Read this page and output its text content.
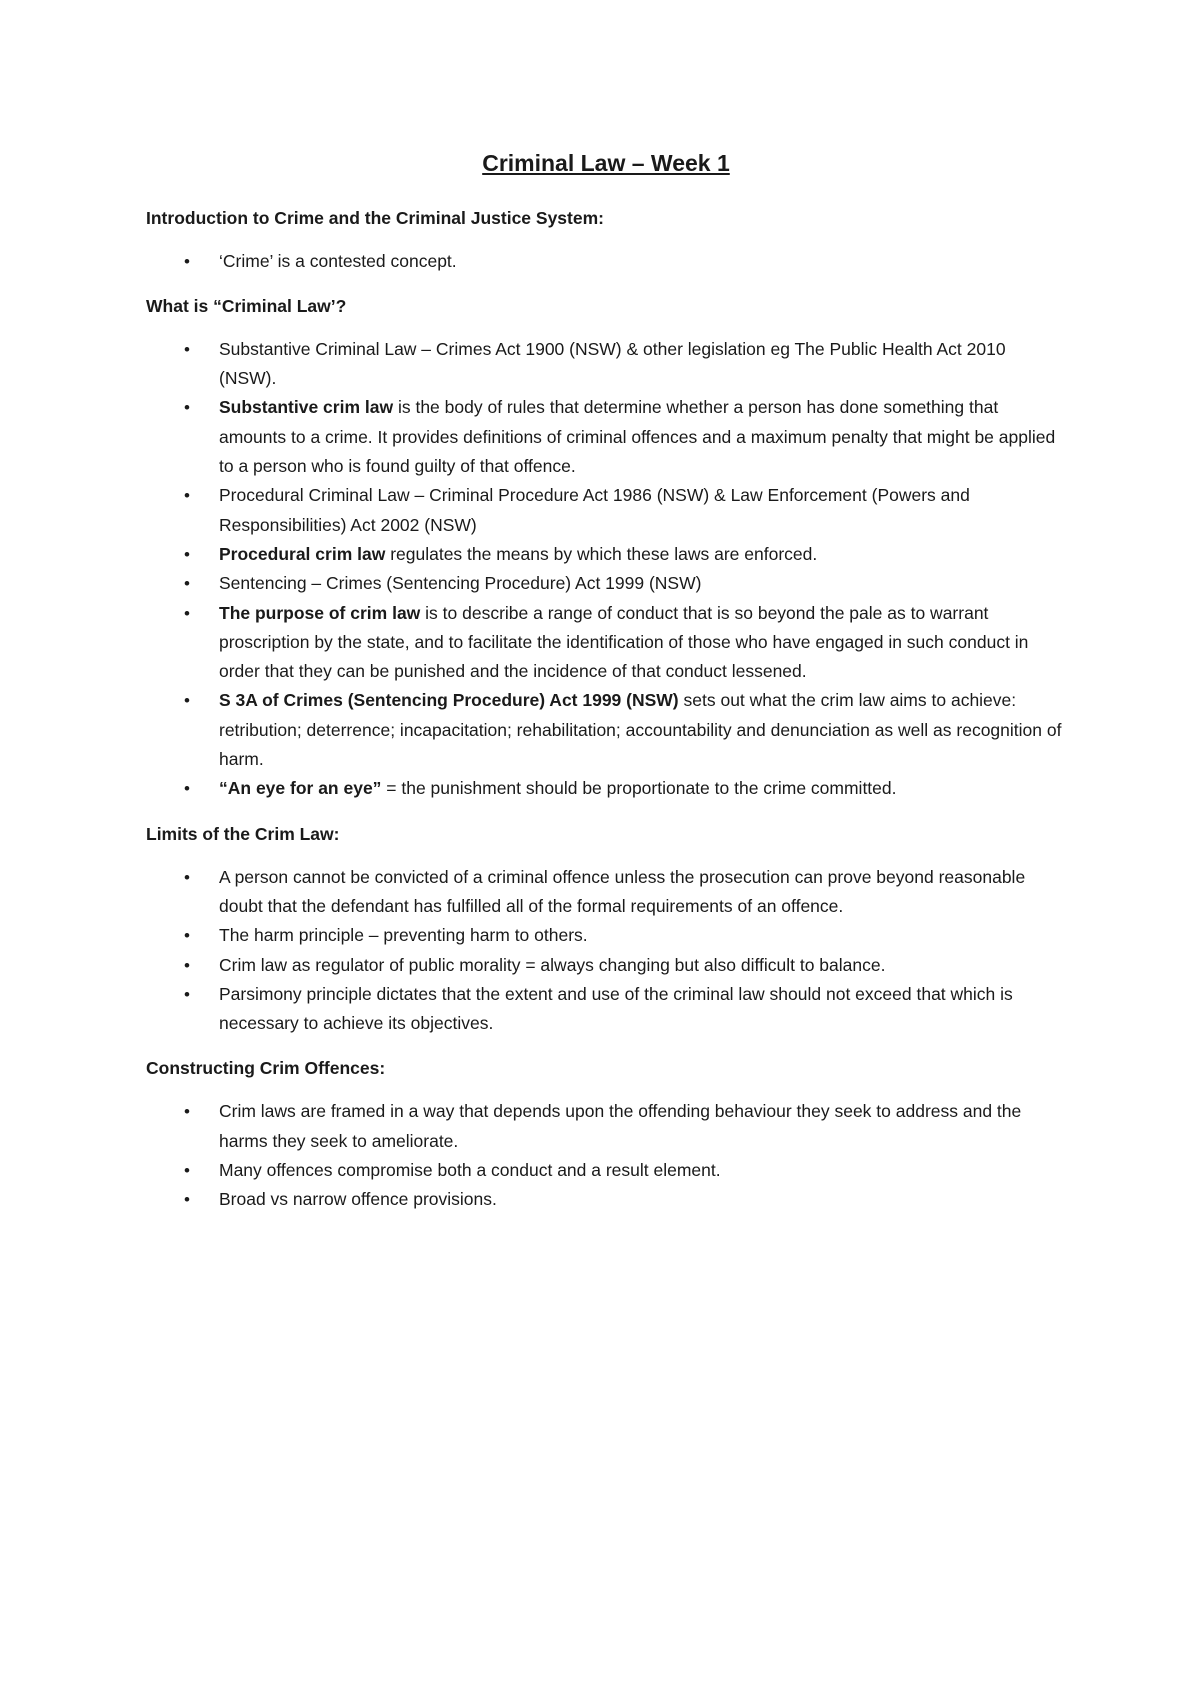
Criminal Law – Week 1
Introduction to Crime and the Criminal Justice System:
• ‘Crime’ is a contested concept.
What is “Criminal Law’?
• Substantive Criminal Law – Crimes Act 1900 (NSW) & other legislation eg The Public Health Act 2010 (NSW).
• Substantive crim law is the body of rules that determine whether a person has done something that amounts to a crime. It provides definitions of criminal offences and a maximum penalty that might be applied to a person who is found guilty of that offence.
• Procedural Criminal Law – Criminal Procedure Act 1986 (NSW) & Law Enforcement (Powers and Responsibilities) Act 2002 (NSW)
• Procedural crim law regulates the means by which these laws are enforced.
• Sentencing – Crimes (Sentencing Procedure) Act 1999 (NSW)
• The purpose of crim law is to describe a range of conduct that is so beyond the pale as to warrant proscription by the state, and to facilitate the identification of those who have engaged in such conduct in order that they can be punished and the incidence of that conduct lessened.
• S 3A of Crimes (Sentencing Procedure) Act 1999 (NSW) sets out what the crim law aims to achieve: retribution; deterrence; incapacitation; rehabilitation; accountability and denunciation as well as recognition of harm.
• “An eye for an eye” = the punishment should be proportionate to the crime committed.
Limits of the Crim Law:
• A person cannot be convicted of a criminal offence unless the prosecution can prove beyond reasonable doubt that the defendant has fulfilled all of the formal requirements of an offence.
• The harm principle – preventing harm to others.
• Crim law as regulator of public morality = always changing but also difficult to balance.
• Parsimony principle dictates that the extent and use of the criminal law should not exceed that which is necessary to achieve its objectives.
Constructing Crim Offences:
• Crim laws are framed in a way that depends upon the offending behaviour they seek to address and the harms they seek to ameliorate.
• Many offences compromise both a conduct and a result element.
• Broad vs narrow offence provisions.
